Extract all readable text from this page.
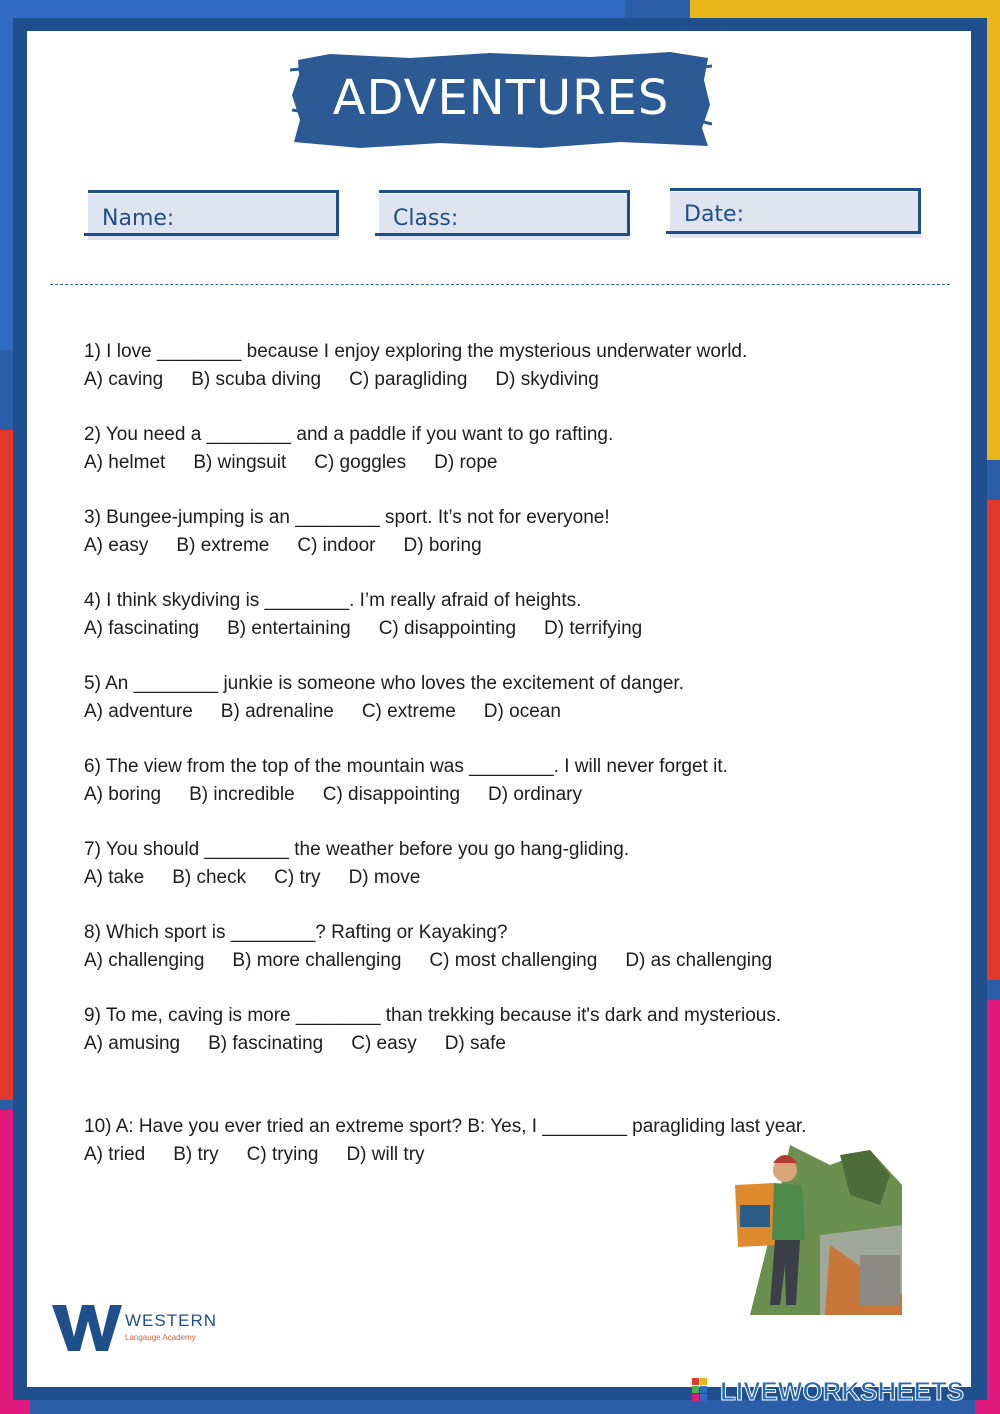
ADVENTURES
Name:	Class:	Date:
1) I love ________ because I enjoy exploring the mysterious underwater world.
A) caving B) scuba diving C) paragliding D) skydiving
2) You need a ________ and a paddle if you want to go rafting.
A) helmet B) wingsuit C) goggles D) rope
3) Bungee-jumping is an ________ sport. It’s not for everyone!
A) easy B) extreme C) indoor D) boring
4) I think skydiving is ________. I’m really afraid of heights.
A) fascinating B) entertaining C) disappointing D) terrifying
5) An ________ junkie is someone who loves the excitement of danger.
A) adventure B) adrenaline C) extreme D) ocean
6) The view from the top of the mountain was ________. I will never forget it.
A) boring B) incredible C) disappointing D) ordinary
7) You should ________ the weather before you go hang-gliding.
A) take B) check C) try D) move
8) Which sport is ________? Rafting or Kayaking?
A) challenging B) more challenging C) most challenging D) as challenging
9) To me, caving is more ________ than trekking because it's dark and mysterious.
A) amusing B) fascinating C) easy D) safe
10) A: Have you ever tried an extreme sport? B: Yes, I ________ paragliding last year.
A) tried B) try C) trying D) will try
WESTERN
Langauge Academy
LIVEWORKSHEETS
